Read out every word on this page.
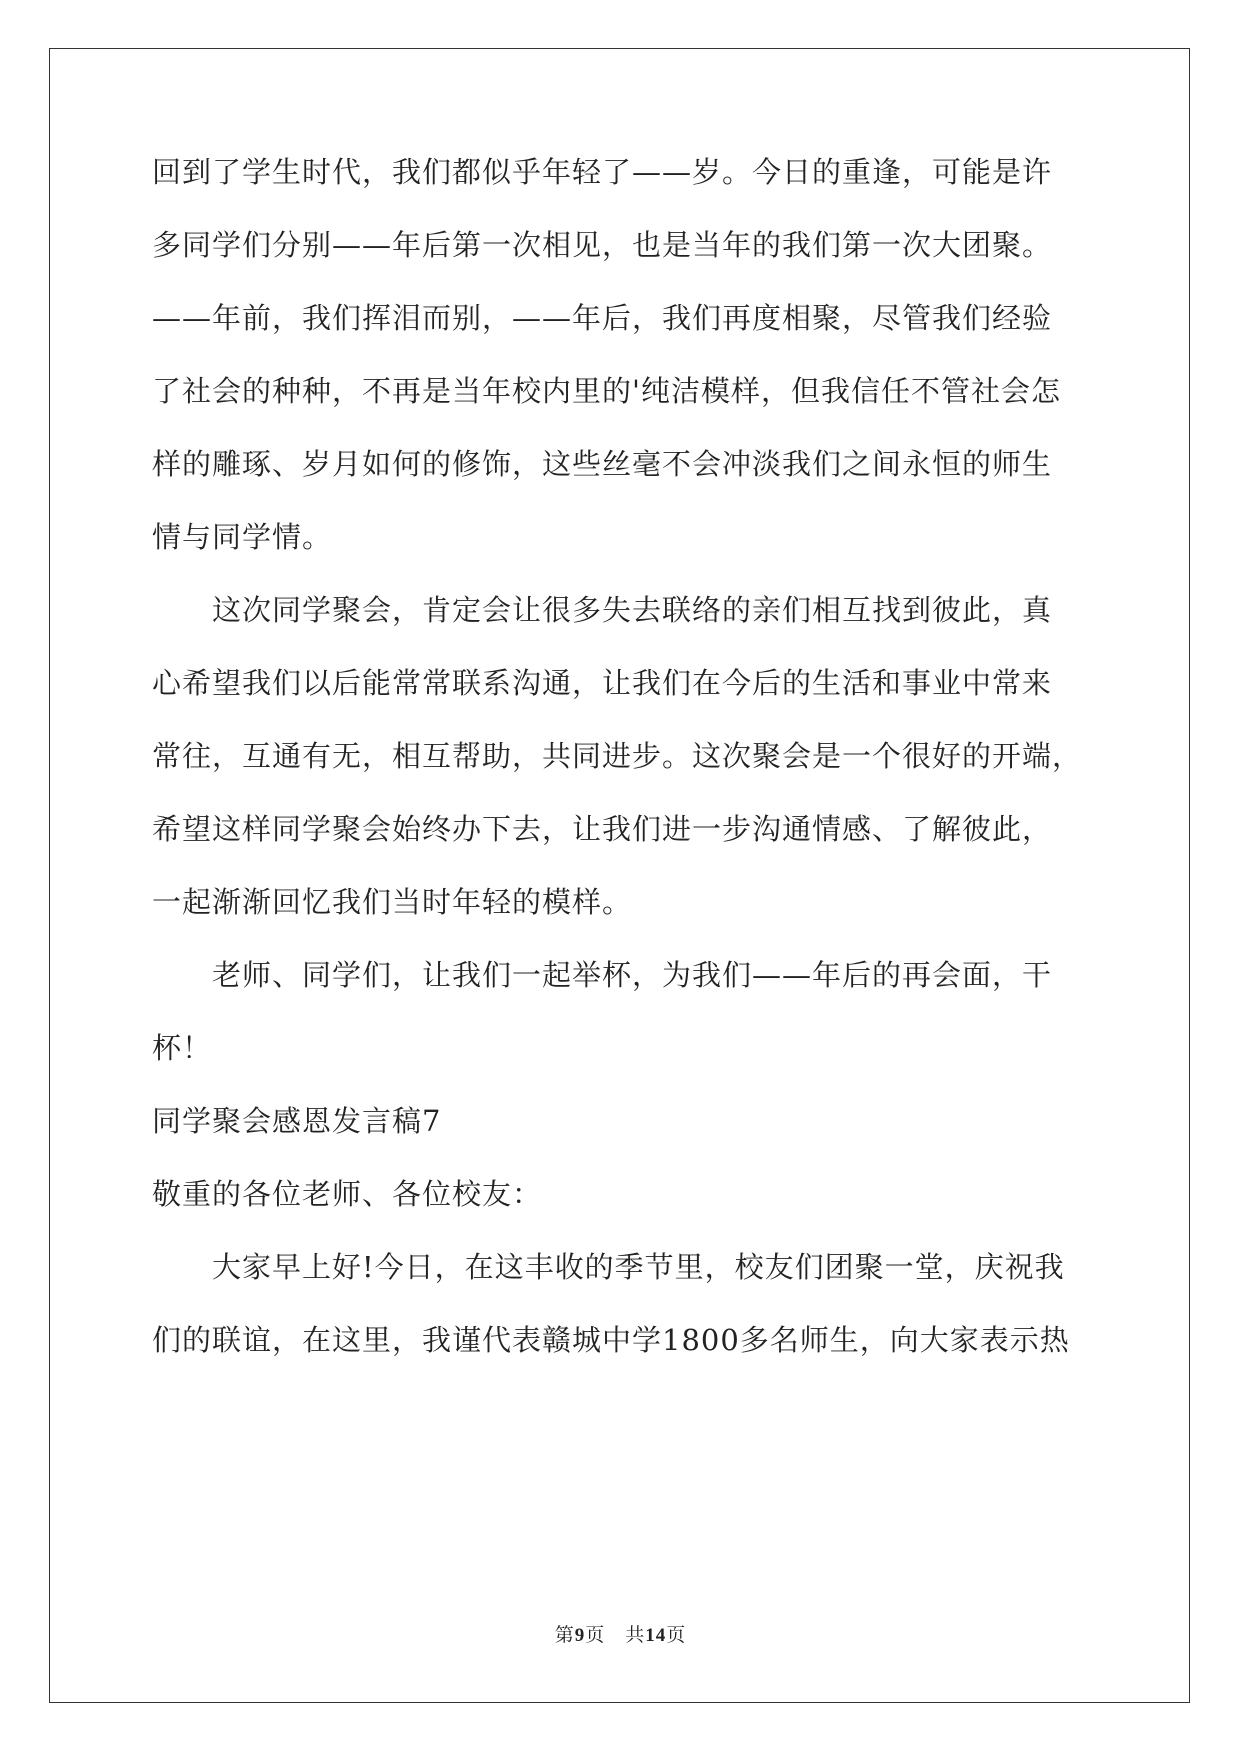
回到了学生时代，我们都似乎年轻了——岁。今日的重逢，可能是许
多同学们分别——年后第一次相见，也是当年的我们第一次大团聚。
——年前，我们挥泪而别，——年后，我们再度相聚，尽管我们经验
了社会的种种，不再是当年校内里的'纯洁模样，但我信任不管社会怎
样的雕琢、岁月如何的修饰，这些丝毫不会冲淡我们之间永恒的师生
情与同学情。
　　这次同学聚会，肯定会让很多失去联络的亲们相互找到彼此，真
心希望我们以后能常常联系沟通，让我们在今后的生活和事业中常来
常往，互通有无，相互帮助，共同进步。这次聚会是一个很好的开端，
希望这样同学聚会始终办下去，让我们进一步沟通情感、了解彼此，
一起渐渐回忆我们当时年轻的模样。
　　老师、同学们，让我们一起举杯，为我们——年后的再会面，干
杯！
同学聚会感恩发言稿7
敬重的各位老师、各位校友：
　　大家早上好!今日，在这丰收的季节里，校友们团聚一堂，庆祝我
们的联谊，在这里，我谨代表赣城中学1800多名师生，向大家表示热
第9页　共14页
